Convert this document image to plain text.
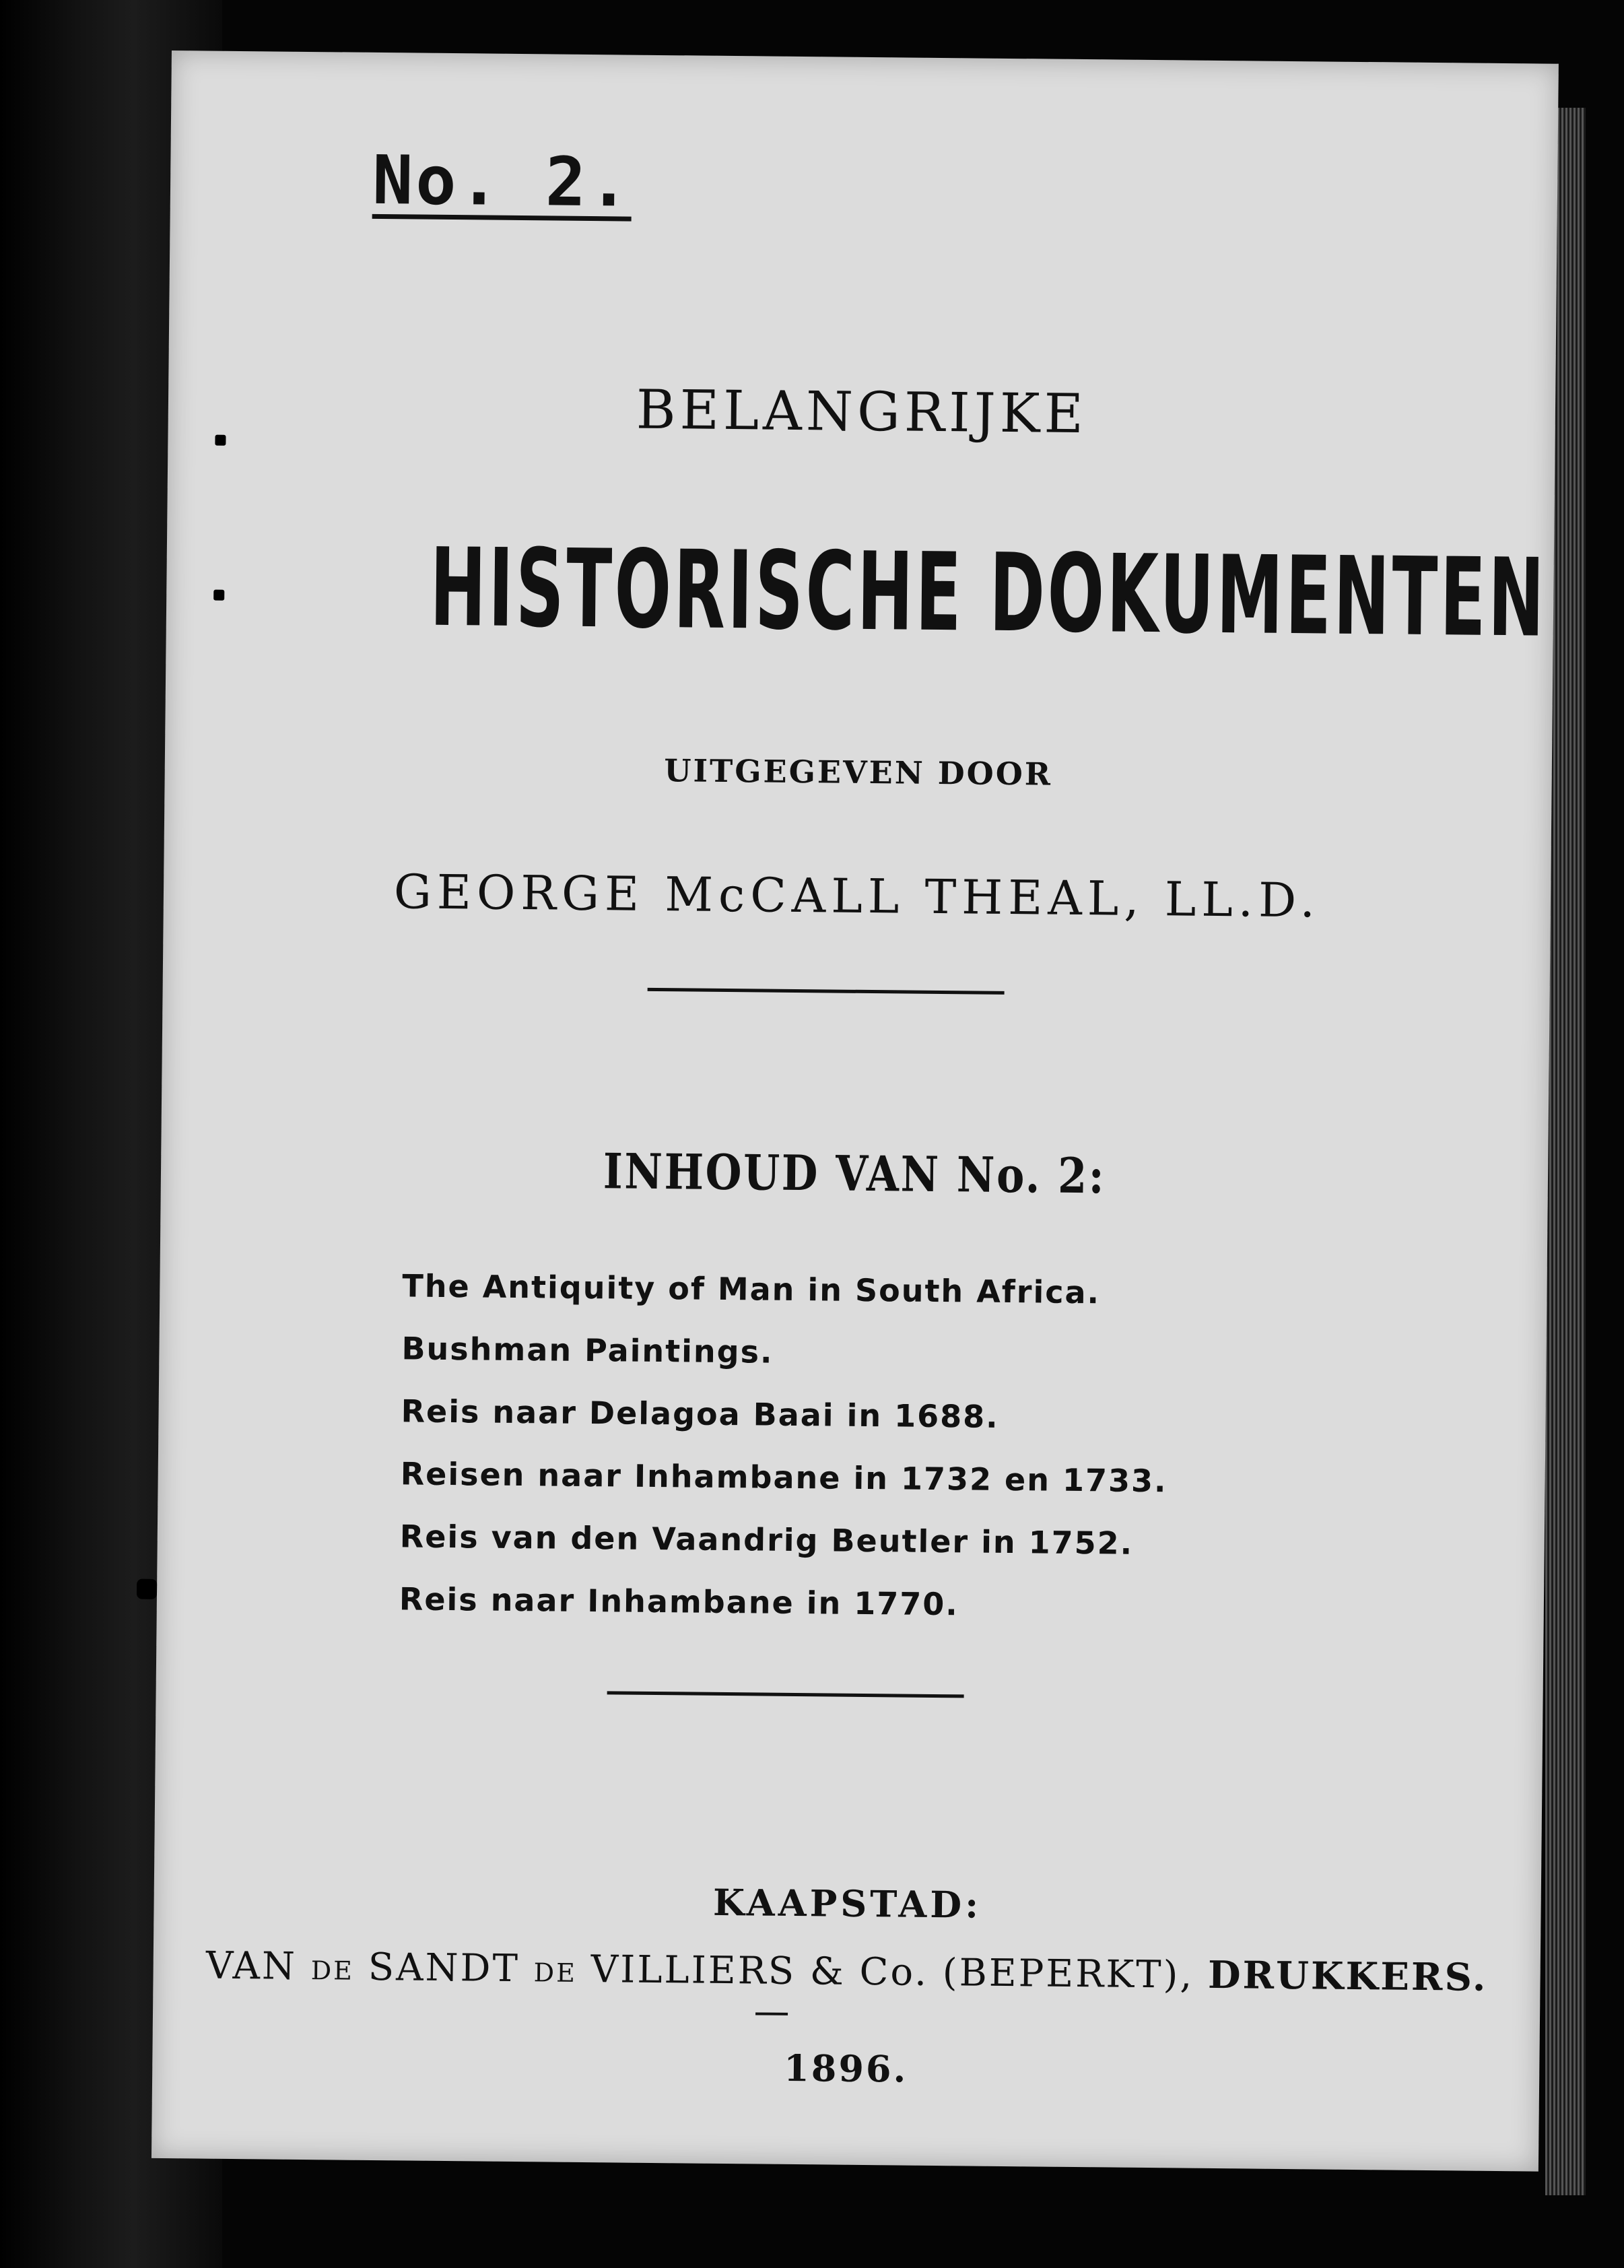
No. 2.
BELANGRIJKE
HISTORISCHE DOKUMENTEN
UITGEGEVEN DOOR
GEORGE McCALL THEAL, LL.D.
INHOUD VAN No. 2:
The Antiquity of Man in South Africa.
Bushman Paintings.
Reis naar Delagoa Baai in 1688.
Reisen naar Inhambane in 1732 en 1733.
Reis van den Vaandrig Beutler in 1752.
Reis naar Inhambane in 1770.
KAAPSTAD:
VAN DE SANDT DE VILLIERS & Co. (BEPERKT), DRUKKERS.
1896.
